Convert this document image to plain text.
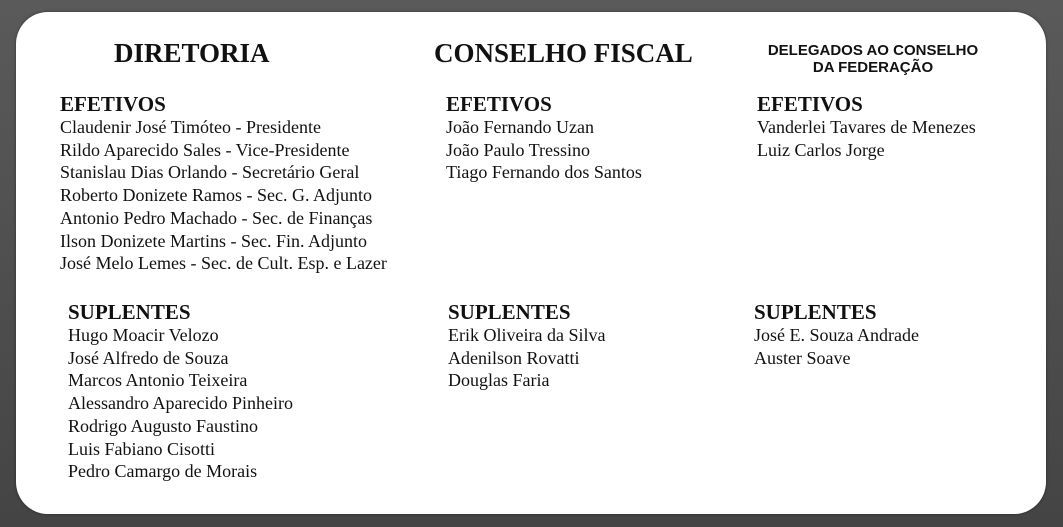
DIRETORIA	CONSELHO FISCAL	DELEGADOS AO CONSELHO
DA FEDERAÇÃO
EFETIVOS
Claudenir José Timóteo - Presidente
Rildo Aparecido Sales - Vice-Presidente
Stanislau Dias Orlando - Secretário Geral
Roberto Donizete Ramos - Sec. G. Adjunto
Antonio Pedro Machado - Sec. de Finanças
Ilson Donizete Martins - Sec. Fin. Adjunto
José Melo Lemes - Sec. de Cult. Esp. e Lazer
EFETIVOS
João Fernando Uzan
João Paulo Tressino
Tiago Fernando dos Santos
EFETIVOS
Vanderlei Tavares de Menezes
Luiz Carlos Jorge
SUPLENTES
Hugo Moacir Velozo
José Alfredo de Souza
Marcos Antonio Teixeira
Alessandro Aparecido Pinheiro
Rodrigo Augusto Faustino
Luis Fabiano Cisotti
Pedro Camargo de Morais
SUPLENTES
Erik Oliveira da Silva
Adenilson Rovatti
Douglas Faria
SUPLENTES
José E. Souza Andrade
Auster Soave
